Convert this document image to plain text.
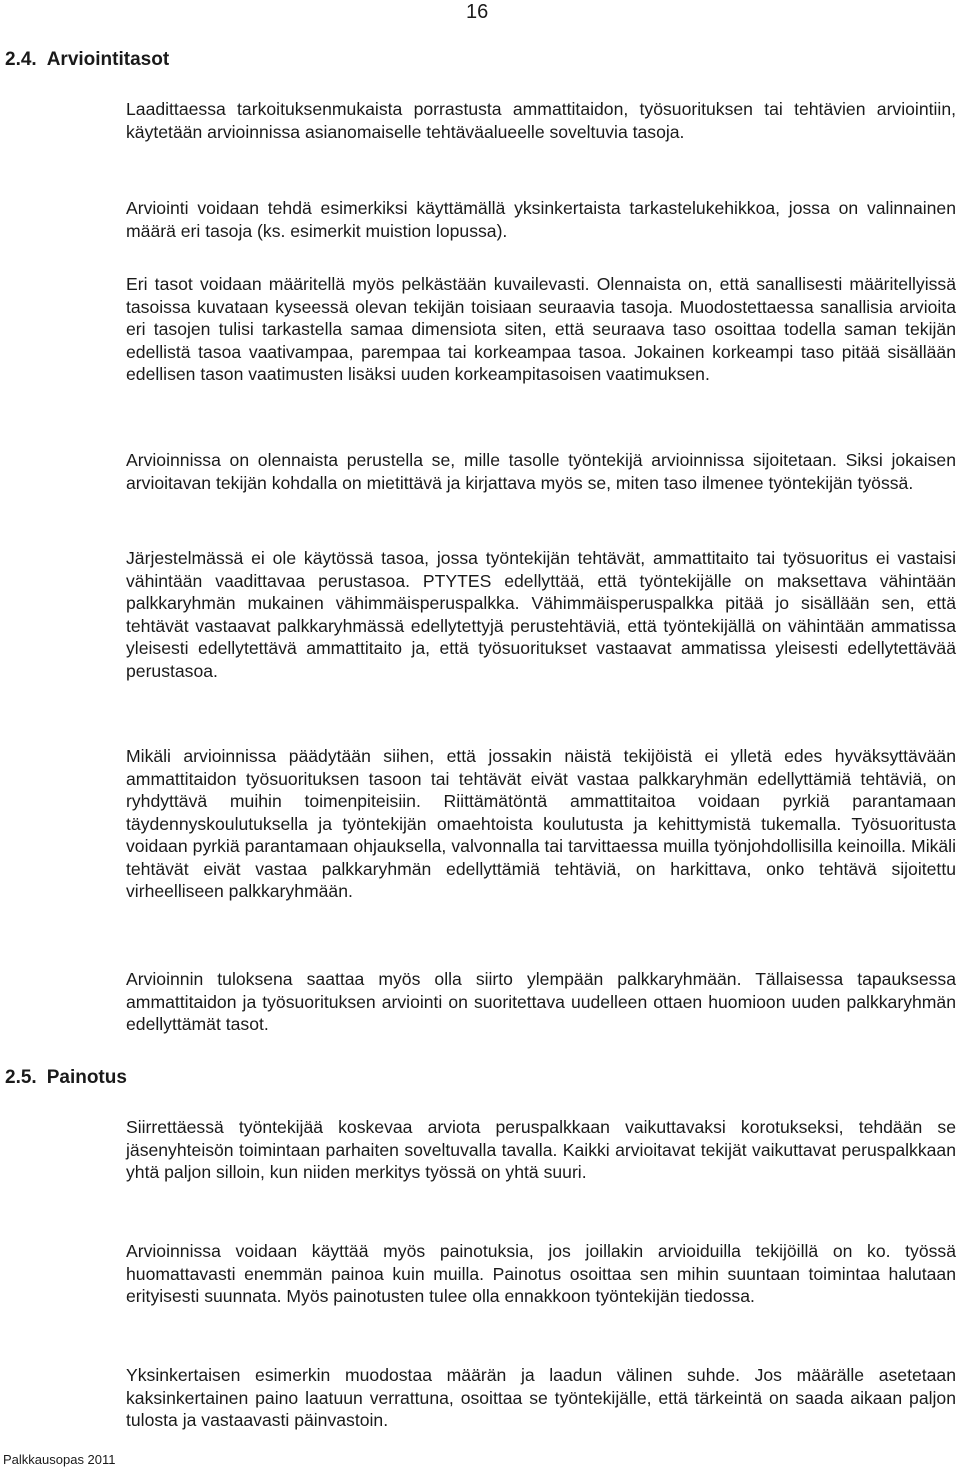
16
2.4. Arviointitasot

Laadittaessa tarkoituksenmukaista porrastusta ammattitaidon, työsuorituksen tai tehtävien arviointiin, käytetään arvioinnissa asianomaiselle tehtäväalueelle soveltuvia tasoja.

Arviointi voidaan tehdä esimerkiksi käyttämällä yksinkertaista tarkastelukehikkoa, jossa on valinnainen määrä eri tasoja (ks. esimerkit muistion lopussa).

Eri tasot voidaan määritellä myös pelkästään kuvailevasti. Olennaista on, että sanallisesti määritellyissä tasoissa kuvataan kyseessä olevan tekijän toisiaan seuraavia tasoja. Muodostettaessa sanallisia arvioita eri tasojen tulisi tarkastella samaa dimensiota siten, että seuraava taso osoittaa todella saman tekijän edellistä tasoa vaativampaa, parempaa tai korkeampaa tasoa. Jokainen korkeampi taso pitää sisällään edellisen tason vaatimusten lisäksi uuden korkeampitasoisen vaatimuksen.

Arvioinnissa on olennaista perustella se, mille tasolle työntekijä arvioinnissa sijoitetaan. Siksi jokaisen arvioitavan tekijän kohdalla on mietittävä ja kirjattava myös se, miten taso ilmenee työntekijän työssä.

Järjestelmässä ei ole käytössä tasoa, jossa työntekijän tehtävät, ammattitaito tai työsuoritus ei vastaisi vähintään vaadittavaa perustasoa. PTYTES edellyttää, että työntekijälle on maksettava vähintään palkkaryhmän mukainen vähimmäisperuspalkka. Vähimmäisperuspalkka pitää jo sisällään sen, että tehtävät vastaavat palkkaryhmässä edellytettyjä perustehtäviä, että työntekijällä on vähintään ammatissa yleisesti edellytettävä ammattitaito ja, että työsuoritukset vastaavat ammatissa yleisesti edellytettävää perustasoa.

Mikäli arvioinnissa päädytään siihen, että jossakin näistä tekijöistä ei ylletä edes hyväksyttävään ammattitaidon työsuorituksen tasoon tai tehtävät eivät vastaa palkkaryhmän edellyttämiä tehtäviä, on ryhdyttävä muihin toimenpiteisiin. Riittämätöntä ammattitaitoa voidaan pyrkiä parantamaan täydennyskoulutuksella ja työntekijän omaehtoista koulutusta ja kehittymistä tukemalla. Työsuoritusta voidaan pyrkiä parantamaan ohjauksella, valvonnalla tai tarvittaessa muilla työnjohdollisilla keinoilla. Mikäli tehtävät eivät vastaa palkkaryhmän edellyttämiä tehtäviä, on harkittava, onko tehtävä sijoitettu virheelliseen palkkaryhmään.

Arvioinnin tuloksena saattaa myös olla siirto ylempään palkkaryhmään. Tällaisessa tapauksessa ammattitaidon ja työsuorituksen arviointi on suoritettava uudelleen ottaen huomioon uuden palkkaryhmän edellyttämät tasot.

2.5. Painotus

Siirrettäessä työntekijää koskevaa arviota peruspalkkaan vaikuttavaksi korotukseksi, tehdään se jäsenyhteisön toimintaan parhaiten soveltuvalla tavalla. Kaikki arvioitavat tekijät vaikuttavat peruspalkkaan yhtä paljon silloin, kun niiden merkitys työssä on yhtä suuri.

Arvioinnissa voidaan käyttää myös painotuksia, jos joillakin arvioiduilla tekijöillä on ko. työssä huomattavasti enemmän painoa kuin muilla. Painotus osoittaa sen mihin suuntaan toimintaa halutaan erityisesti suunnata. Myös painotusten tulee olla ennakkoon työntekijän tiedossa.

Yksinkertaisen esimerkin muodostaa määrän ja laadun välinen suhde. Jos määrälle asetetaan kaksinkertainen paino laatuun verrattuna, osoittaa se työntekijälle, että tärkeintä on saada aikaan paljon tulosta ja vastaavasti päinvastoin.

Palkkausopas 2011
